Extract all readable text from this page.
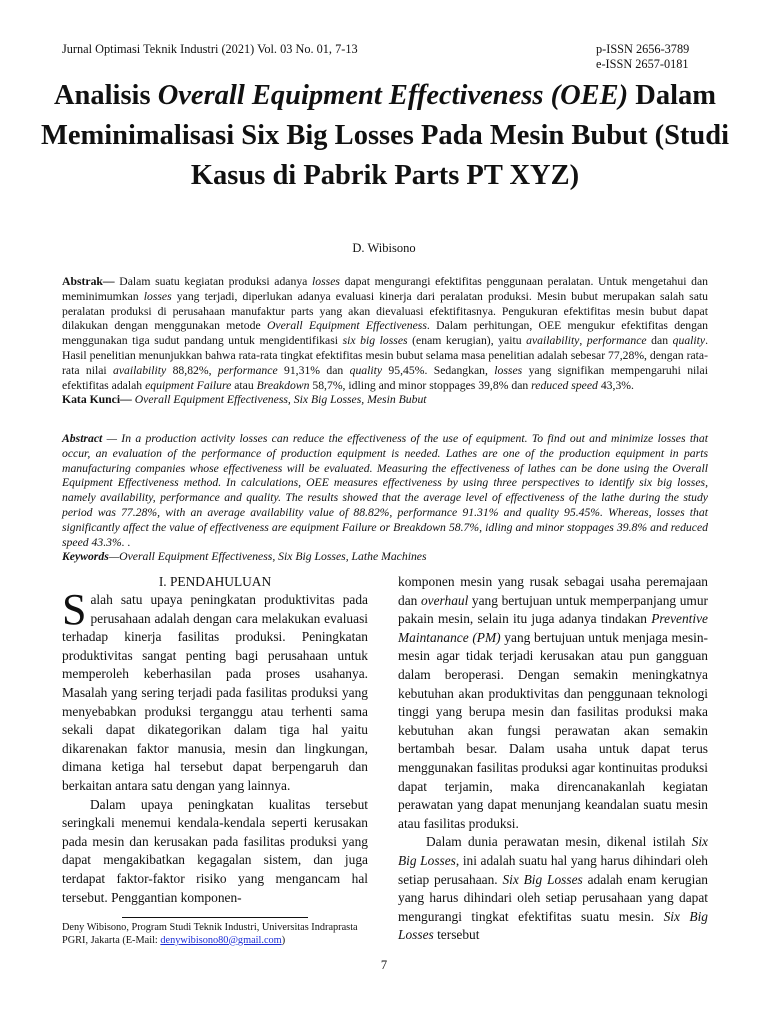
Jurnal Optimasi Teknik Industri (2021) Vol. 03 No. 01, 7-13	p-ISSN 2656-3789
e-ISSN 2657-0181
Analisis Overall Equipment Effectiveness (OEE) Dalam Meminimalisasi Six Big Losses Pada Mesin Bubut (Studi Kasus di Pabrik Parts PT XYZ)
D. Wibisono
Abstrak— Dalam suatu kegiatan produksi adanya losses dapat mengurangi efektifitas penggunaan peralatan. Untuk mengetahui dan meminimumkan losses yang terjadi, diperlukan adanya evaluasi kinerja dari peralatan produksi. Mesin bubut merupakan salah satu peralatan produksi di perusahaan manufaktur parts yang akan dievaluasi efektifitasnya. Pengukuran efektifitas mesin bubut dapat dilakukan dengan menggunakan metode Overall Equipment Effectiveness. Dalam perhitungan, OEE mengukur efektifitas dengan menggunakan tiga sudut pandang untuk mengidentifikasi six big losses (enam kerugian), yaitu availability, performance dan quality. Hasil penelitian menunjukkan bahwa rata-rata tingkat efektifitas mesin bubut selama masa penelitian adalah sebesar 77,28%, dengan rata-rata nilai availability 88,82%, performance 91,31% dan quality 95,45%. Sedangkan, losses yang signifikan mempengaruhi nilai efektifitas adalah equipment Failure atau Breakdown 58,7%, idling and minor stoppages 39,8% dan reduced speed 43,3%.
Kata Kunci— Overall Equipment Effectiveness, Six Big Losses, Mesin Bubut
Abstract — In a production activity losses can reduce the effectiveness of the use of equipment. To find out and minimize losses that occur, an evaluation of the performance of production equipment is needed. Lathes are one of the production equipment in parts manufacturing companies whose effectiveness will be evaluated. Measuring the effectiveness of lathes can be done using the Overall Equipment Effectiveness method. In calculations, OEE measures effectiveness by using three perspectives to identify six big losses, namely availability, performance and quality. The results showed that the average level of effectiveness of the lathe during the study period was 77.28%, with an average availability value of 88.82%, performance 91.31% and quality 95.45%. Whereas, losses that significantly affect the value of effectiveness are equipment Failure or Breakdown 58.7%, idling and minor stoppages 39.8% and reduced speed 43.3%. .
Keywords—Overall Equipment Effectiveness, Six Big Losses, Lathe Machines
I. PENDAHULUAN

Salah satu upaya peningkatan produktivitas pada perusahaan adalah dengan cara melakukan evaluasi terhadap kinerja fasilitas produksi. Peningkatan produktivitas sangat penting bagi perusahaan untuk memperoleh keberhasilan pada proses usahanya. Masalah yang sering terjadi pada fasilitas produksi yang menyebabkan produksi terganggu atau terhenti sama sekali dapat dikategorikan dalam tiga hal yaitu dikarenakan faktor manusia, mesin dan lingkungan, dimana ketiga hal tersebut dapat berpengaruh dan berkaitan antara satu dengan yang lainnya.

Dalam upaya peningkatan kualitas tersebut seringkali menemui kendala-kendala seperti kerusakan pada mesin dan kerusakan pada fasilitas produksi yang dapat mengakibatkan kegagalan sistem, dan juga terdapat faktor-faktor risiko yang mengancam hal tersebut. Penggantian komponen-

Deny Wibisono, Program Studi Teknik Industri, Universitas Indraprasta PGRI, Jakarta (E-Mail: denywibisono80@gmail.com)

komponen mesin yang rusak sebagai usaha peremajaan dan overhaul yang bertujuan untuk memperpanjang umur pakain mesin, selain itu juga adanya tindakan Preventive Maintanance (PM) yang bertujuan untuk menjaga mesin-mesin agar tidak terjadi kerusakan atau pun gangguan dalam beroperasi. Dengan semakin meningkatnya kebutuhan akan produktivitas dan penggunaan teknologi tinggi yang berupa mesin dan fasilitas produksi maka kebutuhan akan fungsi perawatan akan semakin bertambah besar. Dalam usaha untuk dapat terus menggunakan fasilitas produksi agar kontinuitas produksi dapat terjamin, maka direncanakanlah kegiatan perawatan yang dapat menunjang keandalan suatu mesin atau fasilitas produksi.

Dalam dunia perawatan mesin, dikenal istilah Six Big Losses, ini adalah suatu hal yang harus dihindari oleh setiap perusahaan. Six Big Losses adalah enam kerugian yang harus dihindari oleh setiap perusahaan yang dapat mengurangi tingkat efektifitas suatu mesin. Six Big Losses tersebut

7
